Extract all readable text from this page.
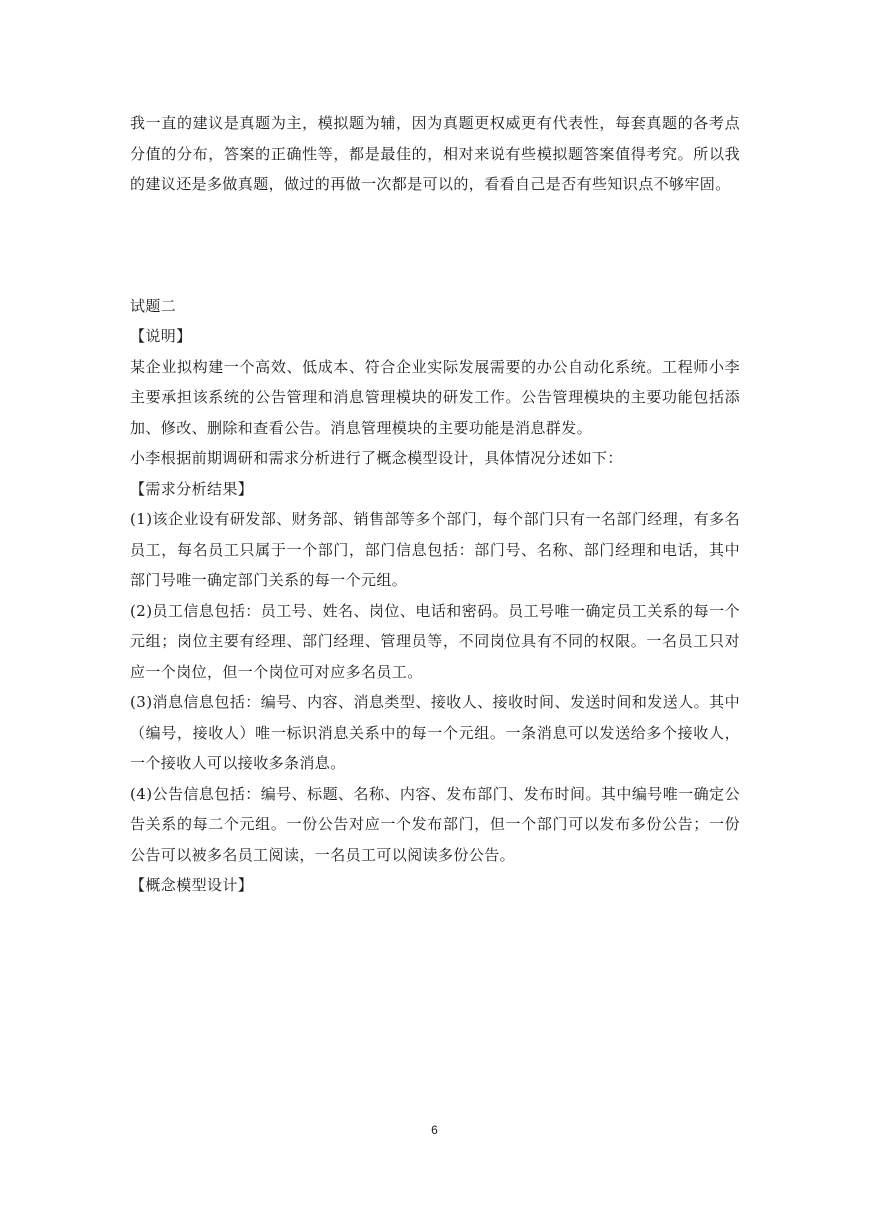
我一直的建议是真题为主，模拟题为辅，因为真题更权威更有代表性，每套真题的各考点分值的分布，答案的正确性等，都是最佳的，相对来说有些模拟题答案值得考究。所以我的建议还是多做真题，做过的再做一次都是可以的，看看自己是否有些知识点不够牢固。

试题二

【说明】

某企业拟构建一个高效、低成本、符合企业实际发展需要的办公自动化系统。工程师小李主要承担该系统的公告管理和消息管理模块的研发工作。公告管理模块的主要功能包括添加、修改、删除和查看公告。消息管理模块的主要功能是消息群发。

小李根据前期调研和需求分析进行了概念模型设计，具体情况分述如下：

【需求分析结果】

(1)该企业设有研发部、财务部、销售部等多个部门，每个部门只有一名部门经理，有多名员工，每名员工只属于一个部门，部门信息包括：部门号、名称、部门经理和电话，其中部门号唯一确定部门关系的每一个元组。

(2)员工信息包括：员工号、姓名、岗位、电话和密码。员工号唯一确定员工关系的每一个元组；岗位主要有经理、部门经理、管理员等，不同岗位具有不同的权限。一名员工只对应一个岗位，但一个岗位可对应多名员工。

(3)消息信息包括：编号、内容、消息类型、接收人、接收时间、发送时间和发送人。其中（编号，接收人）唯一标识消息关系中的每一个元组。一条消息可以发送给多个接收人，一个接收人可以接收多条消息。

(4)公告信息包括：编号、标题、名称、内容、发布部门、发布时间。其中编号唯一确定公告关系的每二个元组。一份公告对应一个发布部门，但一个部门可以发布多份公告；一份公告可以被多名员工阅读，一名员工可以阅读多份公告。

【概念模型设计】

6
